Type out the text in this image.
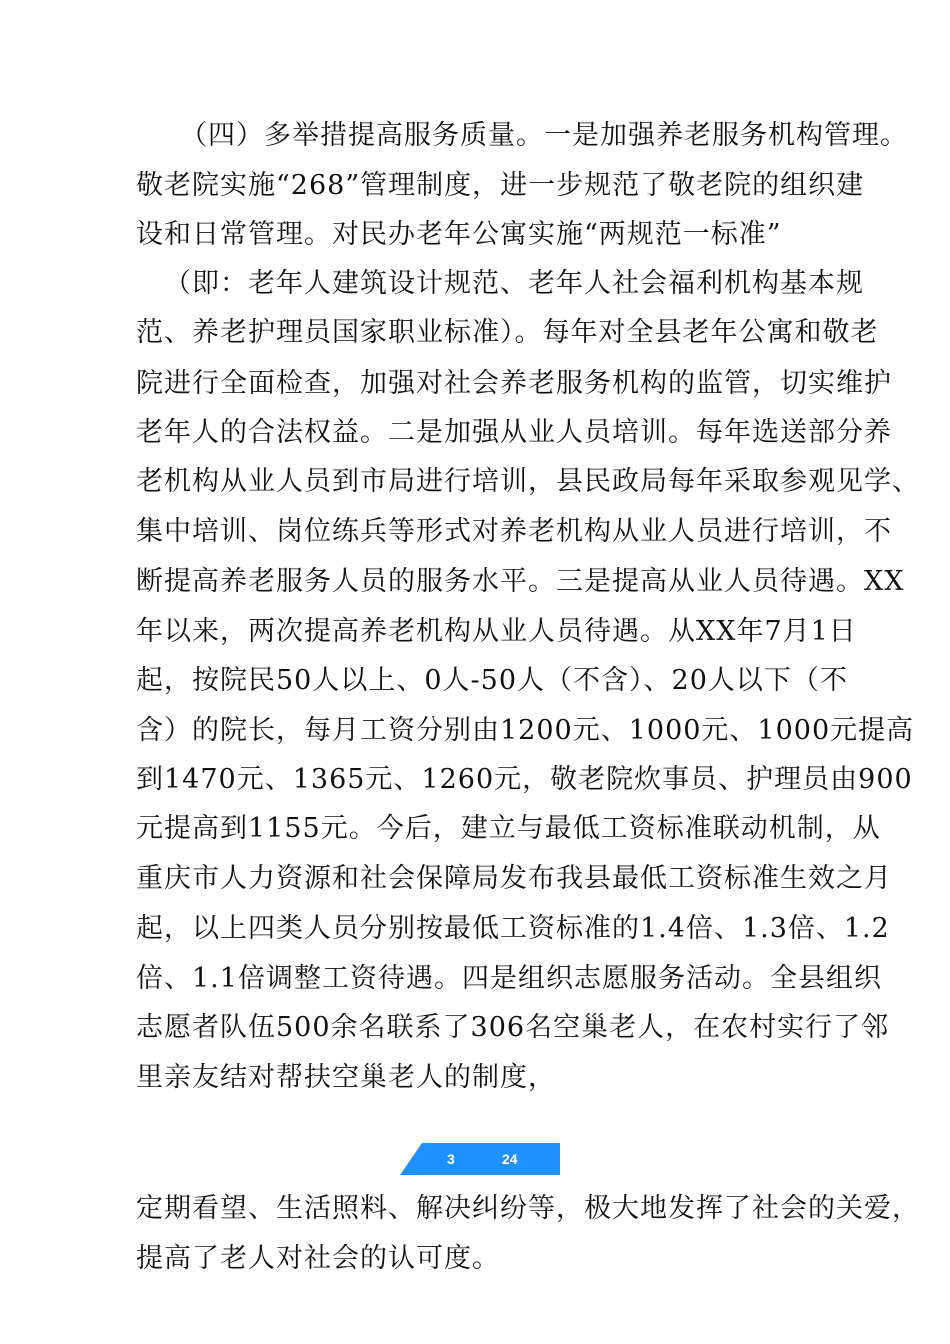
（四）多举措提高服务质量。一是加强养老服务机构管理。
敬老院实施“268”管理制度，进一步规范了敬老院的组织建
设和日常管理。对民办老年公寓实施“两规范一标准”
（即：老年人建筑设计规范、老年人社会福利机构基本规
范、养老护理员国家职业标准）。每年对全县老年公寓和敬老
院进行全面检查，加强对社会养老服务机构的监管，切实维护
老年人的合法权益。二是加强从业人员培训。每年选送部分养
老机构从业人员到市局进行培训，县民政局每年采取参观见学、
集中培训、岗位练兵等形式对养老机构从业人员进行培训，不
断提高养老服务人员的服务水平。三是提高从业人员待遇。XX
年以来，两次提高养老机构从业人员待遇。从XX年7月1日
起，按院民50人以上、0人-50人（不含）、20人以下（不
含）的院长，每月工资分别由1200元、1000元、1000元提高
到1470元、1365元、1260元，敬老院炊事员、护理员由900
元提高到1155元。今后，建立与最低工资标准联动机制，从
重庆市人力资源和社会保障局发布我县最低工资标准生效之月
起，以上四类人员分别按最低工资标准的1.4倍、1.3倍、1.2
倍、1.1倍调整工资待遇。四是组织志愿服务活动。全县组织
志愿者队伍500余名联系了306名空巢老人，在农村实行了邻
里亲友结对帮扶空巢老人的制度，
3	24
定期看望、生活照料、解决纠纷等，极大地发挥了社会的关爱，
提高了老人对社会的认可度。
